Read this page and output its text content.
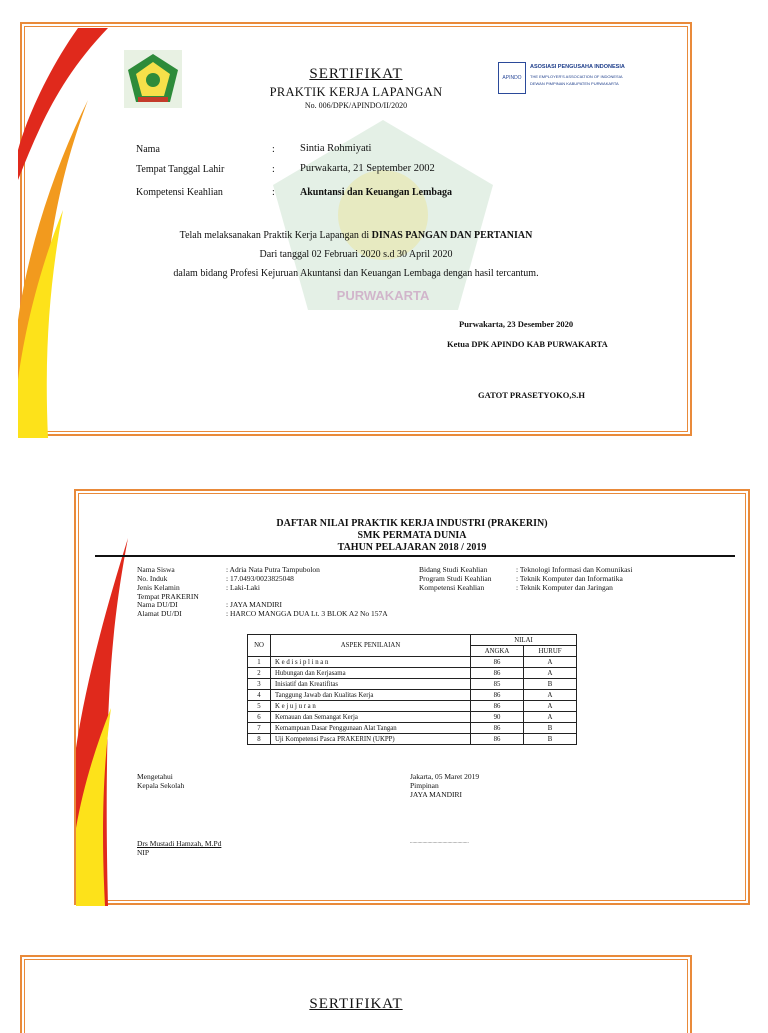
PURWAKARTA
SERTIFIKAT
PRAKTIK KERJA LAPANGAN
No. 006/DPK/APINDO/II/2020
APINDO
ASOSIASI PENGUSAHA INDONESIA
THE EMPLOYER'S ASSOCIATION OF INDONESIA
DEWAN PIMPINAN KABUPATEN PURWAKARTA
Nama	: Sintia Rohmiyati
Tempat Tanggal Lahir	: Purwakarta, 21 September 2002
Kompetensi Keahlian	:	Akuntansi dan Keuangan Lembaga
Telah melaksanakan Praktik Kerja Lapangan di DINAS PANGAN DAN PERTANIAN
Dari tanggal 02 Februari 2020 s.d 30 April 2020
dalam bidang Profesi Kejuruan Akuntansi dan Keuangan Lembaga dengan hasil tercantum.
Purwakarta, 23 Desember 2020
Ketua DPK APINDO KAB PURWAKARTA
GATOT PRASETYOKO,S.H
DAFTAR NILAI PRAKTIK KERJA INDUSTRI (PRAKERIN)
SMK PERMATA DUNIA
TAHUN PELAJARAN 2018 / 2019
Nama Siswa	: Adria Nata Putra Tampubolon
No. Induk	: 17.0493/0023825048
Jenis Kelamin	: Laki-Laki
Tempat PRAKERIN
Nama DU/DI	: JAYA MANDIRI
Alamat DU/DI	: HARCO MANGGA DUA Lt. 3 BLOK A2 No 157A
Bidang Studi Keahlian	: Teknologi Informasi dan Komunikasi
Program Studi Keahlian	: Teknik Komputer dan Informatika
Kompetensi Keahlian	: Teknik Komputer dan Jaringan
NO	ASPEK PENILAIAN	NILAI	
		ANGKA	HURUF
1	K e d i s i p l i n a n	86	A
2	Hubungan dan Kerjasama	86	A
3	Inisiatif dan Kreatifitas	85	B
4	Tanggung Jawab dan Kualitas Kerja	86	A
5	K e j u j u r a n	86	A
6	Kemauan dan Semangat Kerja	90	A
7	Kemampuan Dasar Penggunaan Alat Tangan	86	B
8	Uji Kompetensi Pasca PRAKERIN (UKPP)	86	B
Mengetahui
Kepala Sekolah
Jakarta, 05 Maret 2019
Pimpinan
JAYA MANDIRI
Drs Mustadi Hamzah, M.Pd
NIP
...............................................
SERTIFIKAT
